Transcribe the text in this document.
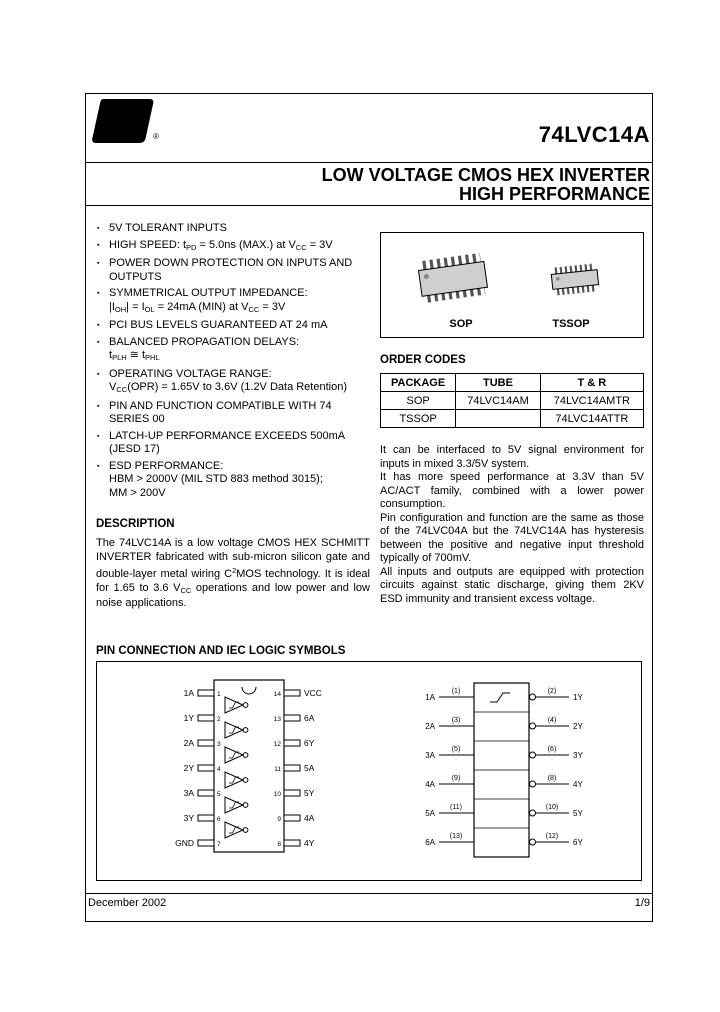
ST ®	74LVC14A
LOW VOLTAGE CMOS HEX INVERTER
HIGH PERFORMANCE
▪ 5V TOLERANT INPUTS
▪ HIGH SPEED: $t_{PD} = 5.0ns$ (MAX.) at $V_{CC} = 3V$
▪ POWER DOWN PROTECTION ON INPUTS AND OUTPUTS
▪ SYMMETRICAL OUTPUT IMPEDANCE:
$|I_{OH}| = I_{OL} = 24mA$ (MIN) at $V_{CC} = 3V$
▪ PCI BUS LEVELS GUARANTEED AT 24 mA
▪ BALANCED PROPAGATION DELAYS:
$t_{PLH}$ ≅ $t_{PHL}$
▪ OPERATING VOLTAGE RANGE:
$V_{CC}(OPR) = 1.65V$ to 3.6V (1.2V Data Retention)
▪ PIN AND FUNCTION COMPATIBLE WITH 74 SERIES 00
▪ LATCH-UP PERFORMANCE EXCEEDS 500mA (JESD 17)
▪ ESD PERFORMANCE:
HBM > 2000V (MIL STD 883 method 3015);
MM > 200V
DESCRIPTION

The 74LVC14A is a low voltage CMOS HEX SCHMITT INVERTER fabricated with sub-micron silicon gate and double-layer metal wiring $C^2MOS$ technology. It is ideal for 1.65 to 3.6 $V_{CC}$ operations and low power and low noise applications.

SOP	TSSOP
ORDER CODES
PACKAGE	TUBE	T & R
SOP	74LVC14AM	74LVC14AMTR
TSSOP		74LVC14ATTR

It can be interfaced to 5V signal environment for inputs in mixed 3.3/5V system.

It has more speed performance at 3.3V than 5V AC/ACT family, combined with a lower power consumption.

Pin configuration and function are the same as those of the 74LVC04A but the 74LVC14A has hysteresis between the positive and negative input threshold typically of 700mV.

All inputs and outputs are equipped with protection circuits against static discharge, giving them 2KV ESD immunity and transient excess voltage.

PIN CONNECTION AND IEC LOGIC SYMBOLS
1A
1Y
2A
2Y
3A
3Y
GND
VCC
6A
6Y
5A
5Y
4A
4Y
1
2
3
4
5
6
7
14
13
12
11
10
9
8
(1)
(3)
(5)
(9)
(11)
(13)
1A
2A
3A
4A
5A
6A
(2)
(4)
(6)
(8)
(10)
(12)
1Y
2Y
3Y
4Y
5Y
6Y
December 2002	1/9
